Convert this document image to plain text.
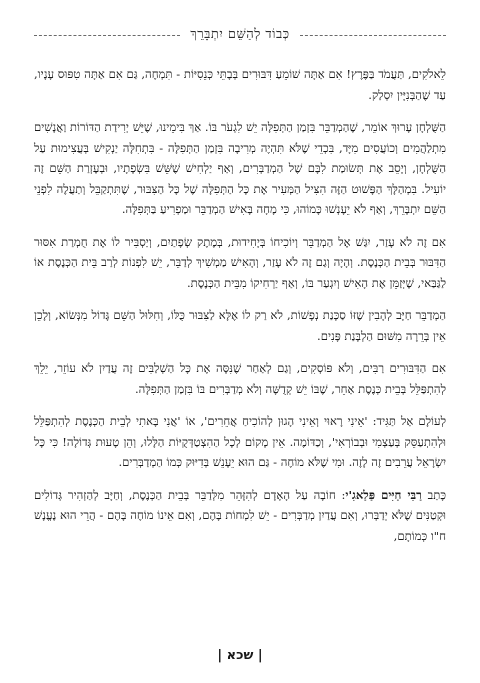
כְּבוֹד לְהַשֵּׁם יִתְבָּרֵךְ

לֵאלֹקִים, תַּעֲמֹד בַּפֶּרֶץ! אִם אַתָּה שׁוֹמֵעַ דִּבּוּרִים בְּבָתֵּי כְּנֵסִיּוֹת - תִּמְחֶה, גַּם אִם אַתָּה טִפּוּס עָנָיו, עַד שֶׁהַבְּנִיָּין יִסְלַק.

הַשֻּׁלְחָן עָרוּךְ אוֹמֵר, שֶׁהַמְדַבֵּר בִּזְמַן הַתְּפִלָּה יֵשׁ לִגְעֹר בּוֹ. אַךְ בִּימֵינוּ, שֶׁיֵּשׁ יְרִידַת הַדּוֹרוֹת וַאֲנָשִׁים מִתְלַהֲמִים וְכוֹעֲסִים מִיָּד, בִּכְדֵי שֶׁלֹּא תִּהְיֶה מְרִיבָה בִּזְמַן הַתְּפִלָּה - בִּתְחִלָּה יַנְקִישׁ בְּעֲצִימוּת עַל הַשֻּׁלְחָן, וְיָסֵב אֶת תְּשׂוּמַת לִבָּם שֶׁל הַמְדַבְּרִים, וְאַף יַלְחִישׁ שֶׁשֵּׁשׁ בִּשְׂפָתָיו, וּבְעֶזְרַת הַשֵּׁם זֶה יוֹעִיל. בִּמְהַלָּךְ הַפָּשׁוּט הַזֶּה הִצִּיל הַמְּעִיר אֶת כָּל הַתְּפִלָּה שֶׁל כָּל הַצִּבּוּר, שֶׁתִּתְקַבֵּל וְתַעֲלֶה לִפְנֵי הַשֵּׁם יִתְבָּרֵךְ, וְאַף לֹא יֵעָנְשׁוּ כָּמוֹהוּ, כִּי מָחָה בָּאִישׁ הַמְדַבֵּר וּמַפְרִיעַ בַּתְּפִלָּה.

אִם זֶה לֹא עָזַר, יִגַּשׁ אֶל הַמְדַבֵּר וְיוֹכִיחוֹ בְּיָחִידוּת, בְּמֶתֶק שְׂפָתַיִם, וְיַסְבִּיר לוֹ אֶת חֻמְרַת אִסּוּר הַדִּבּוּר בְּבֵית הַכְּנֶסֶת. וְהָיָה וְגַם זֶה לֹא עָזַר, וְהָאִישׁ מַמְשִׁיךְ לְדַבֵּר, יֵשׁ לִפְנוֹת לְרַב בֵּית הַכְּנֶסֶת אוֹ לַגַּבַּאי, שֶׁיְּזַמֵּן אֶת הָאִישׁ וְיִגְעַר בּוֹ, וְאַף יַרְחִיקוֹ מִבֵּית הַכְּנֶסֶת.

הַמְדַבֵּר חַיָּב לְהָבִין שֶׁזּוֹ סַכָּנַת נְפָשׁוֹת, לֹא רַק לוֹ אֶלָּא לַצִּבּוּר כֻּלּוֹ, וְחִלּוּל הַשֵּׁם גָּדוֹל מִנְּשׂוֹא, וְלָכֵן אֵין בְּרֵרָה מִשּׁוּם הַלְבָּנַת פָּנִים.

אִם הַדִּבּוּרִים רַבִּים, וְלֹא פּוֹסְקִים, וְגַם לְאַחַר שֶׁנִּסָּה אֶת כָּל הַשְׁלַבִּים זֶה עֲדַיִן לֹא עוֹזֵר, יֵלֵךְ לְהִתְפַּלֵּל בְּבֵית כְּנֶסֶת אַחֵר, שֶׁבּוֹ יֵשׁ קְדֻשָּׁה וְלֹא מְדַבְּרִים בּוֹ בִּזְמַן הַתְּפִלָּה.

לְעוֹלָם אַל תַּגִּיד: 'אֵינִי רָאוּי וְאֵינִי הָגוּן לְהוֹכִיחַ אֲחֵרִים', אוֹ 'אֲנִי בָּאתִי לְבֵית הַכְּנֶסֶת לְהִתְפַּלֵּל וּלְהִתְעַסֵּק בְּעַצְמִי וּבְבוֹרְאִי', וְכַדּוֹמֶה. אֵין מָקוֹם לְכָל הַהִצְטַדְּקֻיּוֹת הַלָּלוּ, וְהֵן טָעוּת גְּדוֹלָה! כִּי כָּל יִשְׂרָאֵל עֲרֵבִים זֶה לָזֶה. וּמִי שֶׁלֹּא מוֹחֶה - גַּם הוּא יֵעָנֵשׁ בְּדִיּוּק כְּמוֹ הַמְדַבְּרִים.

כָּתַב רַבִּי חַיִּים פַּלַאגִ'י: חוֹבָה עַל הָאָדָם לְהִזָּהֵר מִלְּדַבֵּר בְּבֵית הַכְּנֶסֶת, וְחַיָּב לְהַזְהִיר גְּדוֹלִים וּקְטַנִּים שֶׁלֹּא יְדַבְּרוּ, וְאִם עֲדַיִן מְדַבְּרִים - יֵשׁ לִמְחוֹת בָּהֶם, וְאִם אֵינוֹ מוֹחֶה בָּהֶם - הֲרֵי הוּא נֶעֱנָשׁ ח"ו כְּמוֹתָם,

| שכא |
